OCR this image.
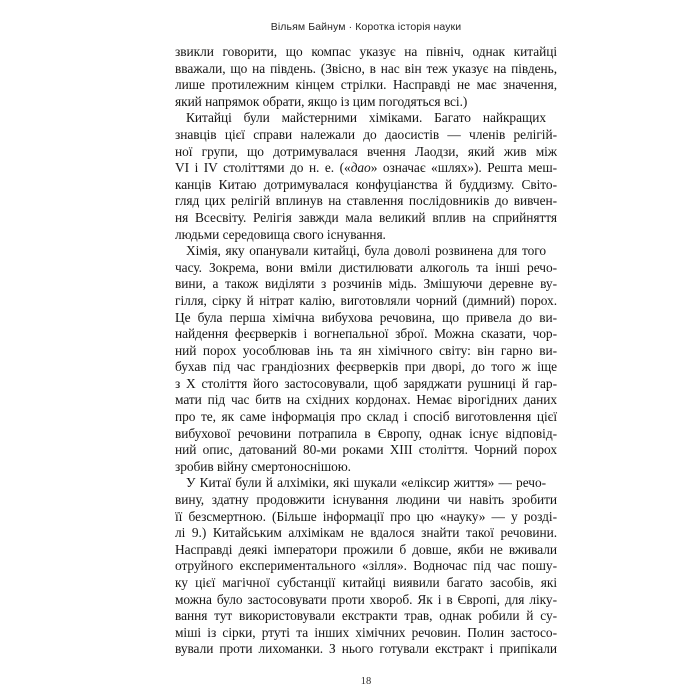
Вільям Байнум · Коротка історія науки
звикли говорити, що компас указує на північ, однак китайці
вважали, що на південь. (Звісно, в нас він теж указує на південь,
лише протилежним кінцем стрілки. Насправді не має значення,
який напрямок обрати, якщо із цим погодяться всі.)
Китайці були майстерними хіміками. Багато найкращих
знавців цієї справи належали до даосистів — членів релігій-
ної групи, що дотримувалася вчення Лаодзи, який жив між
VI і IV століттями до н. е. («дао» означає «шлях»). Решта меш-
канців Китаю дотримувалася конфуціанства й буддизму. Світо-
гляд цих релігій вплинув на ставлення послідовників до вивчен-
ня Всесвіту. Релігія завжди мала великий вплив на сприйняття
людьми середовища свого існування.
Хімія, яку опанували китайці, була доволі розвинена для того
часу. Зокрема, вони вміли дистилювати алкоголь та інші речо-
вини, а також виділяти з розчинів мідь. Змішуючи деревне ву-
гілля, сірку й нітрат калію, виготовляли чорний (димний) порох.
Це була перша хімічна вибухова речовина, що привела до ви-
найдення феєрверків і вогнепальної зброї. Можна сказати, чор-
ний порох уособлював інь та ян хімічного світу: він гарно ви-
бухав під час грандіозних феєрверків при дворі, до того ж іще
з X століття його застосовували, щоб заряджати рушниці й гар-
мати під час битв на східних кордонах. Немає вірогідних даних
про те, як саме інформація про склад і спосіб виготовлення цієї
вибухової речовини потрапила в Європу, однак існує відповід-
ний опис, датований 80-ми роками XIII століття. Чорний порох
зробив війну смертоноснішою.
У Китаї були й алхіміки, які шукали «еліксир життя» — речо-
вину, здатну продовжити існування людини чи навіть зробити
її безсмертною. (Більше інформації про цю «науку» — у розді-
лі 9.) Китайським алхімікам не вдалося знайти такої речовини.
Насправді деякі імператори прожили б довше, якби не вживали
отруйного експериментального «зілля». Водночас під час пошу-
ку цієї магічної субстанції китайці виявили багато засобів, які
можна було застосовувати проти хвороб. Як і в Європі, для ліку-
вання тут використовували екстракти трав, однак робили й су-
міші із сірки, ртуті та інших хімічних речовин. Полин застосо-
вували проти лихоманки. З нього готували екстракт і припікали
18
